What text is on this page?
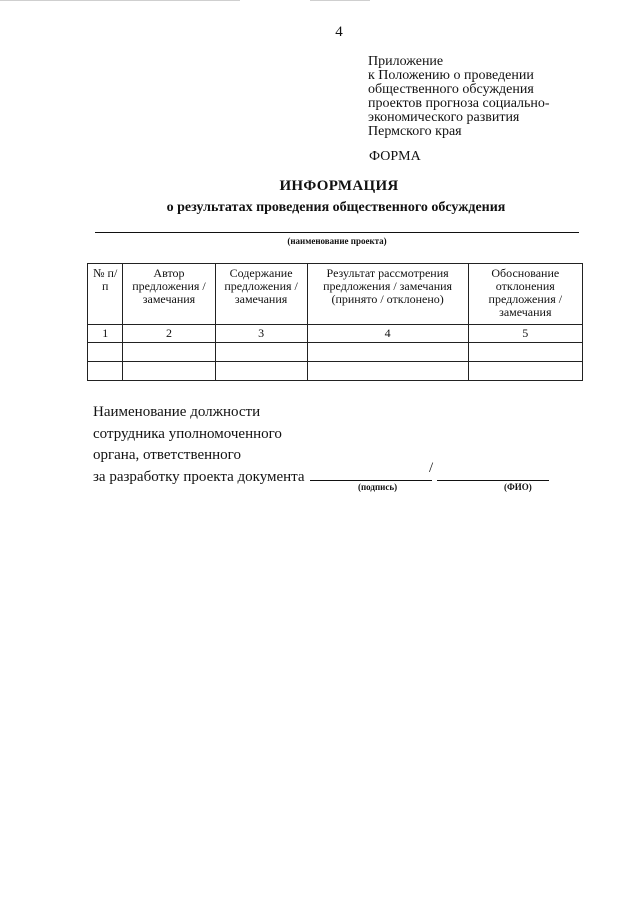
4
Приложение
к Положению о проведении
общественного обсуждения
проектов прогноза социально-
экономического развития
Пермского края
ФОРМА
ИНФОРМАЦИЯ
о результатах проведения общественного обсуждения
(наименование проекта)
№ п/п	Автор предложения / замечания	Содержание предложения / замечания	Результат рассмотрения предложения / замечания (принято / отклонено)	Обоснование отклонения предложения / замечания
1	2	3	4	5

Наименование должности
сотрудника уполномоченного
органа, ответственного
за разработку проекта документа
/
(подпись)	(ФИО)
